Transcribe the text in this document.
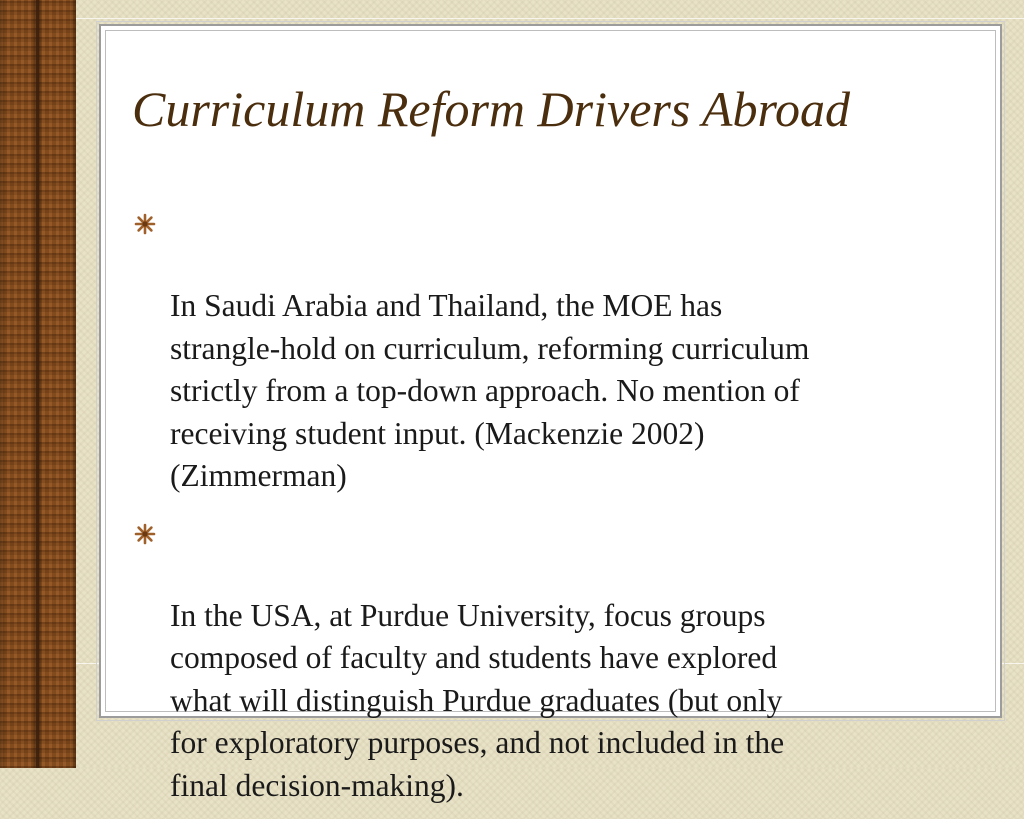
Curriculum Reform Drivers Abroad

In Saudi Arabia and Thailand, the MOE has
strangle-hold on curriculum, reforming curriculum
strictly from a top-down approach. No mention of
receiving student input. (Mackenzie 2002)
(Zimmerman)

In the USA, at Purdue University, focus groups
composed of faculty and students have explored
what will distinguish Purdue graduates (but only
for exploratory purposes, and not included in the
final decision-making).
